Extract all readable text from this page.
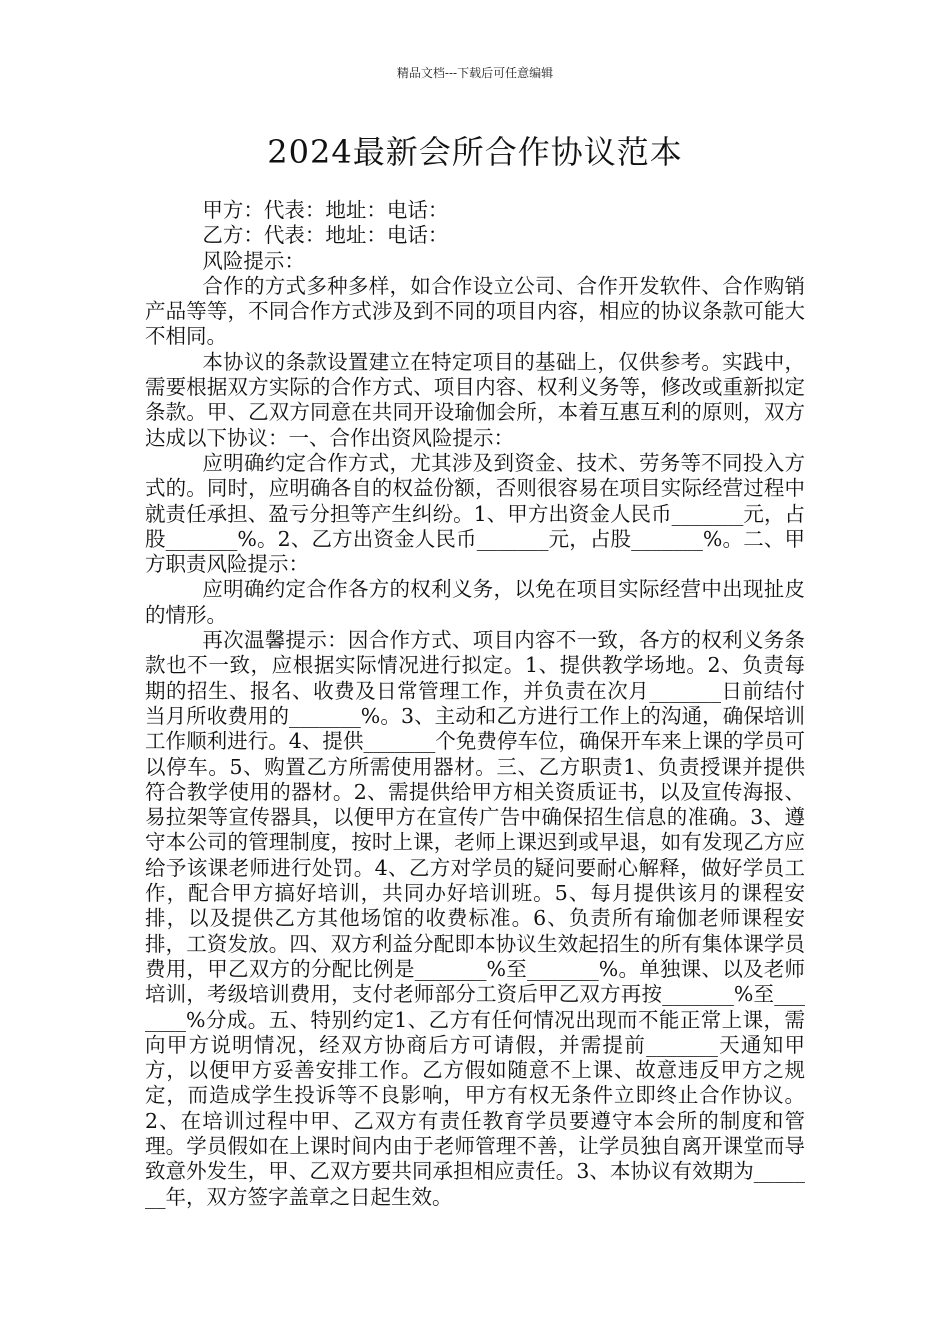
精品文档---下载后可任意编辑
2024最新会所合作协议范本

甲方：代表：地址：电话：

乙方：代表：地址：电话：

风险提示：

合作的方式多种多样，如合作设立公司、合作开发软件、合作购销产品等等，不同合作方式涉及到不同的项目内容，相应的协议条款可能大不相同。

本协议的条款设置建立在特定项目的基础上，仅供参考。实践中，需要根据双方实际的合作方式、项目内容、权利义务等，修改或重新拟定条款。甲、乙双方同意在共同开设瑜伽会所，本着互惠互利的原则，双方达成以下协议：一、合作出资风险提示：

应明确约定合作方式，尤其涉及到资金、技术、劳务等不同投入方式的。同时，应明确各自的权益份额，否则很容易在项目实际经营过程中就责任承担、盈亏分担等产生纠纷。1、甲方出资金人民币_______元，占股_______%。2、乙方出资金人民币_______元，占股_______%。二、甲方职责风险提示：

应明确约定合作各方的权利义务，以免在项目实际经营中出现扯皮的情形。

再次温馨提示：因合作方式、项目内容不一致，各方的权利义务条款也不一致，应根据实际情况进行拟定。1、提供教学场地。2、负责每期的招生、报名、收费及日常管理工作，并负责在次月_______日前结付当月所收费用的_______%。3、主动和乙方进行工作上的沟通，确保培训工作顺利进行。4、提供_______个免费停车位，确保开车来上课的学员可以停车。5、购置乙方所需使用器材。三、乙方职责1、负责授课并提供符合教学使用的器材。2、需提供给甲方相关资质证书，以及宣传海报、易拉架等宣传器具，以便甲方在宣传广告中确保招生信息的准确。3、遵守本公司的管理制度，按时上课，老师上课迟到或早退，如有发现乙方应给予该课老师进行处罚。4、乙方对学员的疑问要耐心解释，做好学员工作，配合甲方搞好培训，共同办好培训班。5、每月提供该月的课程安排，以及提供乙方其他场馆的收费标准。6、负责所有瑜伽老师课程安排，工资发放。四、双方利益分配即本协议生效起招生的所有集体课学员费用，甲乙双方的分配比例是_______%至_______%。单独课、以及老师培训，考级培训费用，支付老师部分工资后甲乙双方再按_______%至_______%分成。五、特别约定1、乙方有任何情况出现而不能正常上课，需向甲方说明情况，经双方协商后方可请假，并需提前_______天通知甲方，以便甲方妥善安排工作。乙方假如随意不上课、故意违反甲方之规定，而造成学生投诉等不良影响，甲方有权无条件立即终止合作协议。2、在培训过程中甲、乙双方有责任教育学员要遵守本会所的制度和管理。学员假如在上课时间内由于老师管理不善，让学员独自离开课堂而导致意外发生，甲、乙双方要共同承担相应责任。3、本协议有效期为_______年，双方签字盖章之日起生效。
